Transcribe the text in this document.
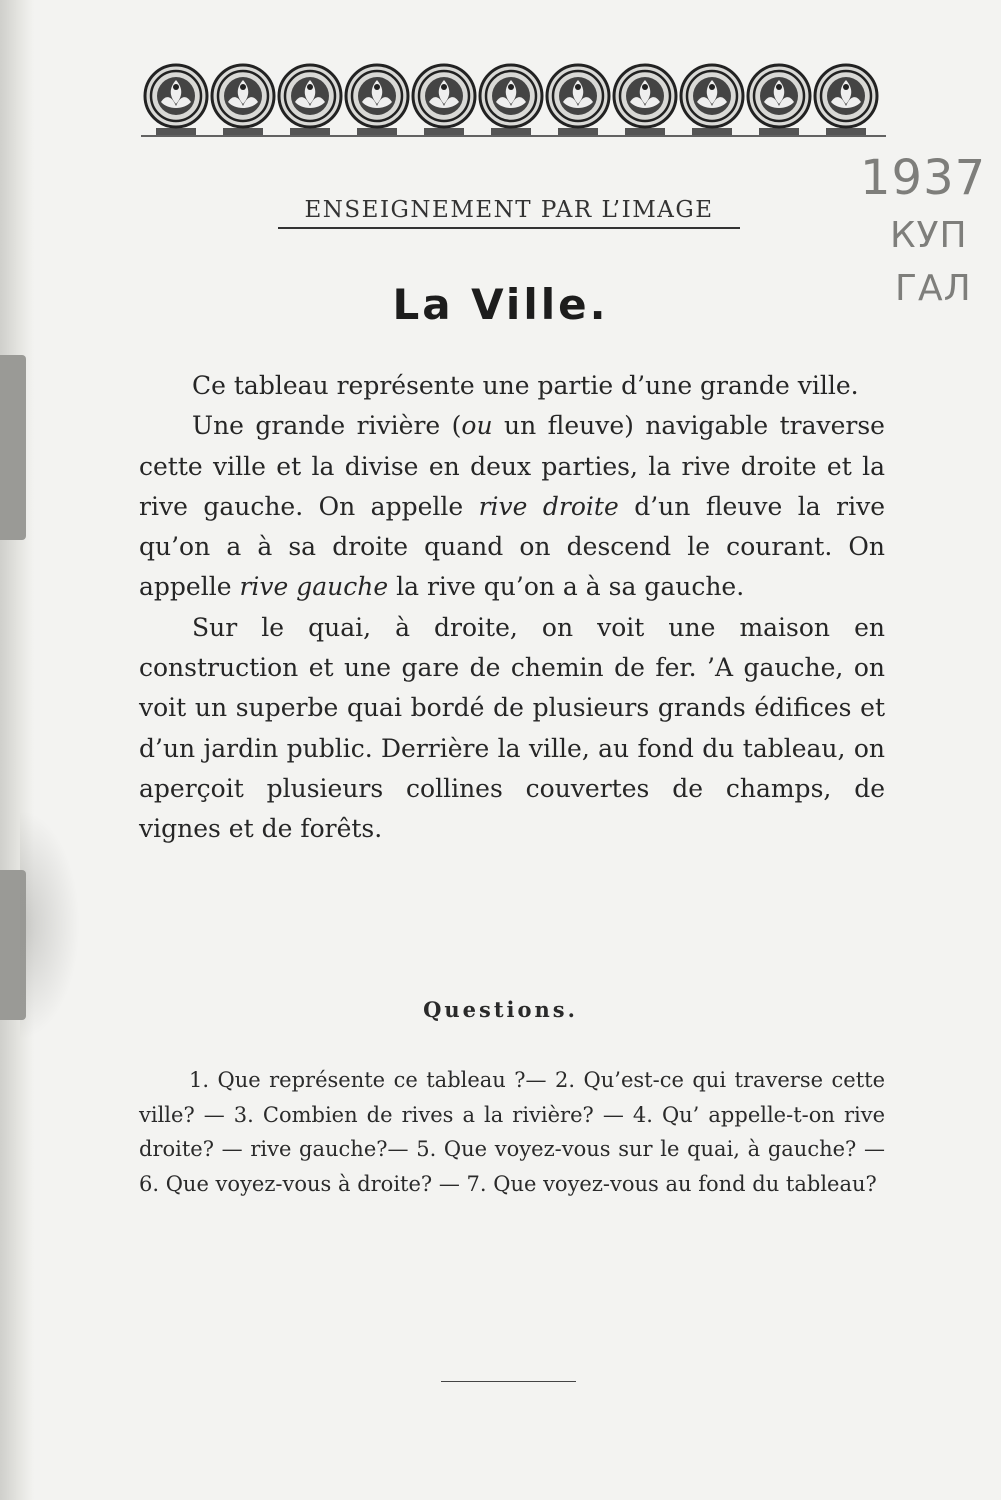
1937
КУП
ГАЛ
ENSEIGNEMENT PAR L’IMAGE
La Ville.

Ce tableau représente une partie d’une grande ville.

Une grande rivière (ou un fleuve) navigable traverse cette ville et la divise en deux parties, la rive droite et la rive gauche. On appelle rive droite d’un fleuve la rive qu’on a à sa droite quand on descend le courant. On appelle rive gauche la rive qu’on a à sa gauche.

Sur le quai, à droite, on voit une maison en construction et une gare de chemin de fer. ’A gauche, on voit un superbe quai bordé de plusieurs grands édifices et d’un jardin public. Derrière la ville, au fond du tableau, on aperçoit plusieurs collines couvertes de champs, de vignes et de forêts.

Questions.
1. Que représente ce tableau ?— 2. Qu’est-ce qui traverse cette ville? — 3. Combien de rives a la rivière? — 4. Qu’ appelle-t-on rive droite? — rive gauche?— 5. Que voyez-vous sur le quai, à gauche? — 6. Que voyez-vous à droite? — 7. Que voyez-vous au fond du tableau?
